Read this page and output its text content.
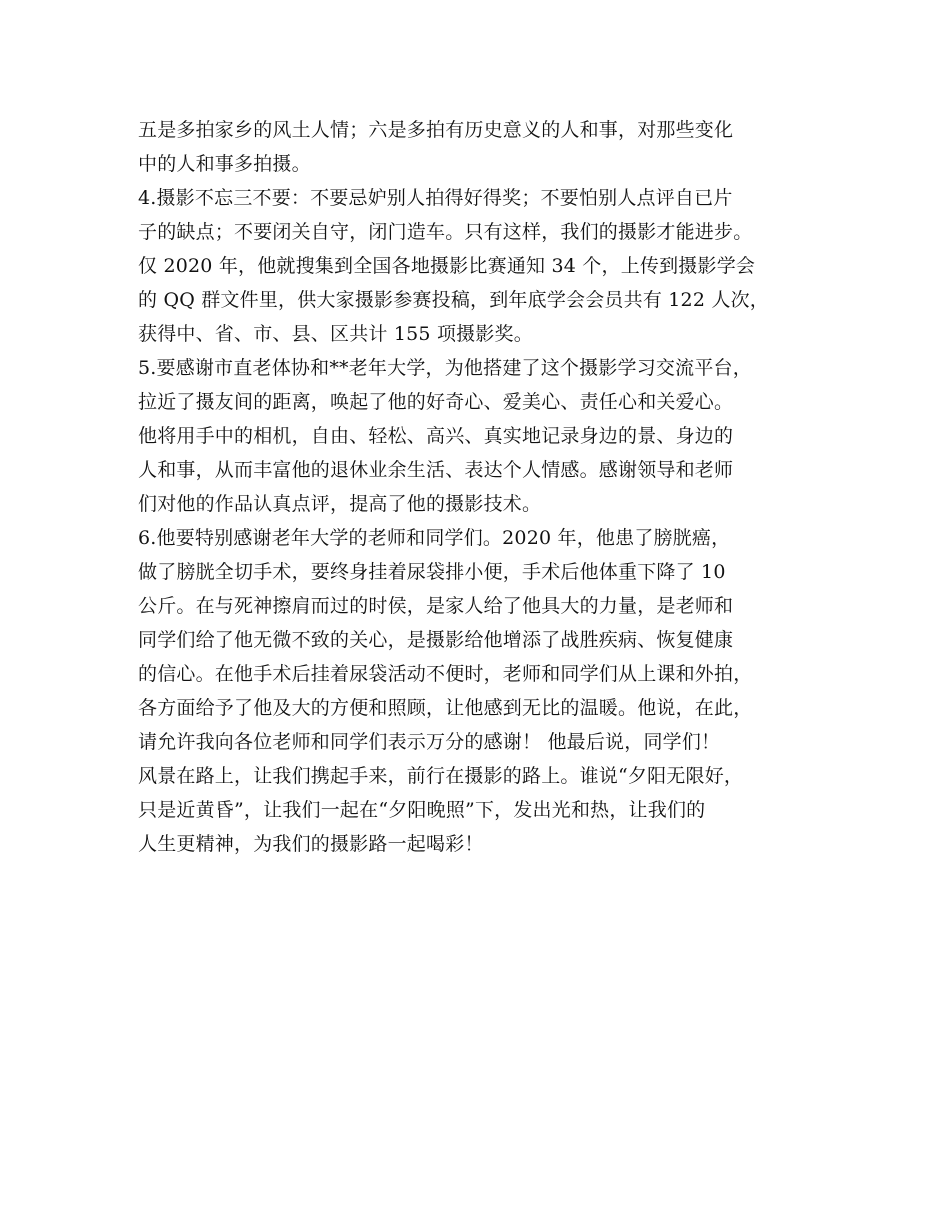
五是多拍家乡的风土人情；六是多拍有历史意义的人和事，对那些变化
中的人和事多拍摄。
4.摄影不忘三不要：不要忌妒别人拍得好得奖；不要怕别人点评自已片
子的缺点；不要闭关自守，闭门造车。只有这样，我们的摄影才能进步。
仅 2020 年，他就搜集到全国各地摄影比赛通知 34 个，上传到摄影学会
的 QQ 群文件里，供大家摄影参赛投稿，到年底学会会员共有 122 人次，
获得中、省、市、县、区共计 155 项摄影奖。
5.要感谢市直老体协和**老年大学，为他搭建了这个摄影学习交流平台，
拉近了摄友间的距离，唤起了他的好奇心、爱美心、责任心和关爱心。
他将用手中的相机，自由、轻松、高兴、真实地记录身边的景、身边的
人和事，从而丰富他的退休业余生活、表达个人情感。感谢领导和老师
们对他的作品认真点评，提高了他的摄影技术。
6.他要特别感谢老年大学的老师和同学们。2020 年，他患了膀胱癌，
做了膀胱全切手术，要终身挂着尿袋排小便，手术后他体重下降了 10
公斤。在与死神擦肩而过的时侯，是家人给了他具大的力量，是老师和
同学们给了他无微不致的关心，是摄影给他增添了战胜疾病、恢复健康
的信心。在他手术后挂着尿袋活动不便时，老师和同学们从上课和外拍，
各方面给予了他及大的方便和照顾，让他感到无比的温暖。他说，在此，
请允许我向各位老师和同学们表示万分的感谢！ 他最后说，同学们！
风景在路上，让我们携起手来，前行在摄影的路上。谁说“夕阳无限好，
只是近黄昏”，让我们一起在“夕阳晚照”下，发出光和热，让我们的
人生更精神，为我们的摄影路一起喝彩！
